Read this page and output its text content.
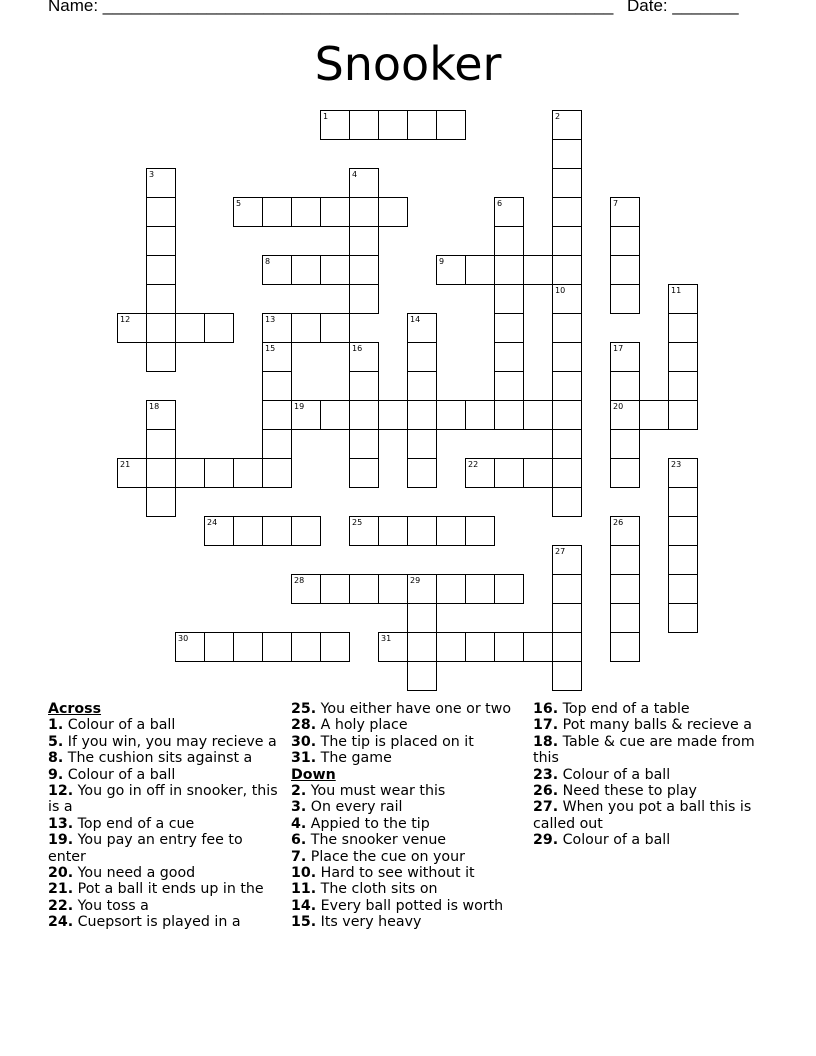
Name: ______________________________________________________

Date: _______

Snooker
1
5
8	9
12	13
19	20
21	22
24	25
28	29
30	31
2
3	4
6	7
10	11
14
15	16	17
18
23
26
27
Across
1. Colour of a ball
5. If you win, you may recieve a
8. The cushion sits against a
9. Colour of a ball
12. You go in off in snooker, this is a
13. Top end of a cue
19. You pay an entry fee to enter
20. You need a good
21. Pot a ball it ends up in the
22. You toss a
24. Cuepsort is played in a
25. You either have one or two
28. A holy place
30. The tip is placed on it
31. The game
Down
2. You must wear this
3. On every rail
4. Appied to the tip
6. The snooker venue
7. Place the cue on your
10. Hard to see without it
11. The cloth sits on
14. Every ball potted is worth
15. Its very heavy
16. Top end of a table
17. Pot many balls & recieve a
18. Table & cue are made from this
23. Colour of a ball
26. Need these to play
27. When you pot a ball this is called out
29. Colour of a ball
